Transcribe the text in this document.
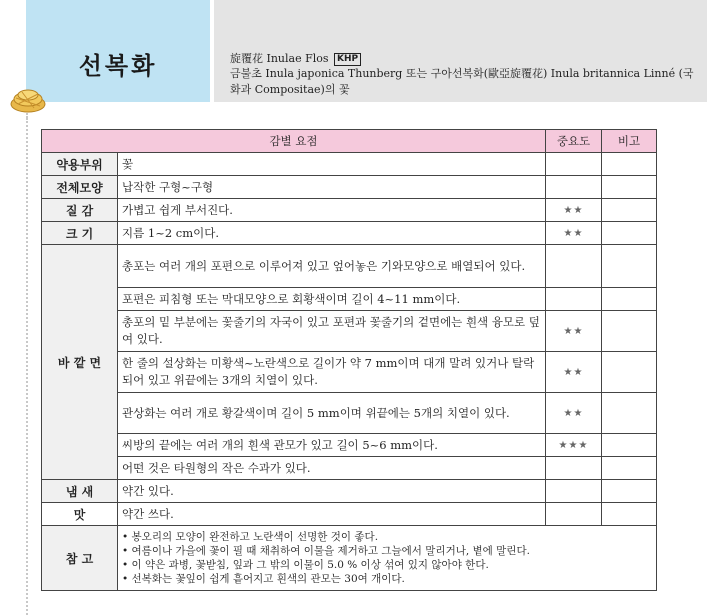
선복화	旋覆花 Inulae Flos KHP
금불초 Inula japonica Thunberg 또는 구아선복화(歐亞旋覆花) Inula britannica Linné (국화과 Compositae)의 꽃
감별 요점		중요도	비고
약용부위	꽃		
전체모양	납작한 구형~구형		
질 감	가볍고 쉽게 부서진다.	★★	
크 기	지름 1~2 cm이다.	★★	
바 깥 면	총포는 여러 개의 포편으로 이루어져 있고 엎어놓은 기와모양으로 배열되어 있다.		
	포편은 피침형 또는 막대모양으로 회황색이며 길이 4~11 mm이다.		
	총포의 밑 부분에는 꽃줄기의 자국이 있고 포편과 꽃줄기의 겉면에는 흰색 융모로 덮여 있다.	★★	
	한 줄의 설상화는 미황색~노란색으로 길이가 약 7 mm이며 대개 말려 있거나 탈락되어 있고 위끝에는 3개의 치열이 있다.	★★	
	관상화는 여러 개로 황갈색이며 길이 5 mm이며 위끝에는 5개의 치열이 있다.	★★	
	씨방의 끝에는 여러 개의 흰색 관모가 있고 길이 5~6 mm이다.	★★★	
	어떤 것은 타원형의 작은 수과가 있다.		
냄 새	약간 있다.		
맛	약간 쓰다.		
참 고	• 봉오리의 모양이 완전하고 노란색이 선명한 것이 좋다.
• 여름이나 가을에 꽃이 필 때 채취하여 이물을 제거하고 그늘에서 말리거나, 볕에 말린다.
• 이 약은 과병, 꽃받침, 잎과 그 밖의 이물이 5.0 % 이상 섞여 있지 않아야 한다.
• 선복화는 꽃잎이 쉽게 흩어지고 흰색의 관모는 30여 개이다.		
